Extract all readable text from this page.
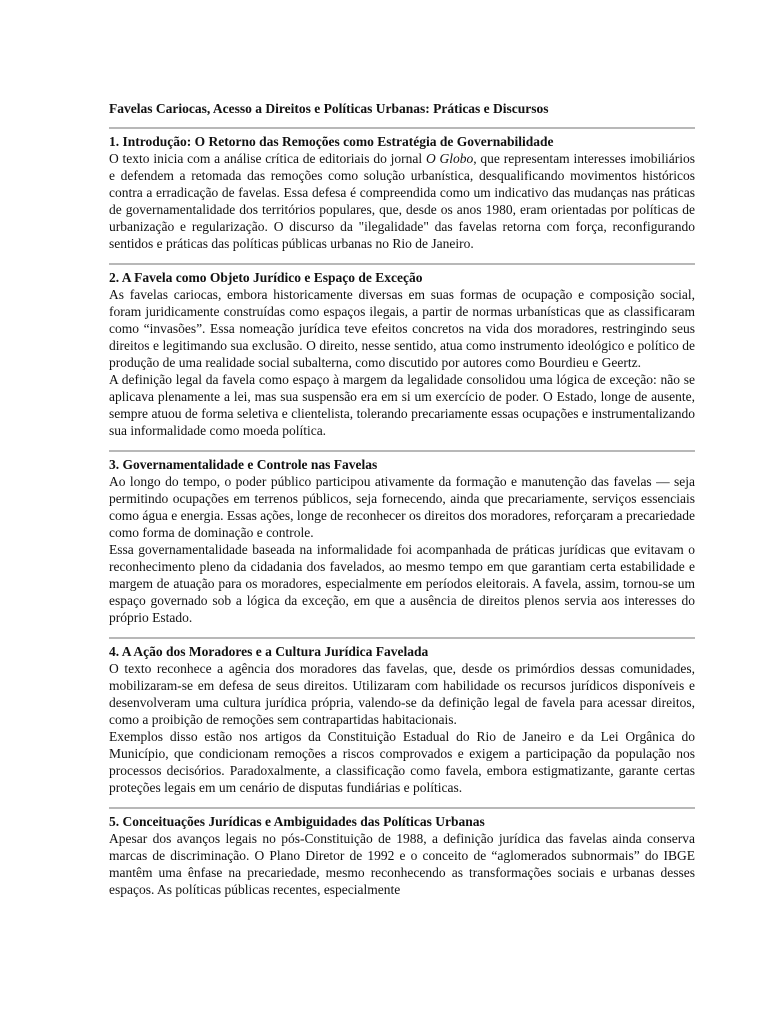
Favelas Cariocas, Acesso a Direitos e Políticas Urbanas: Práticas e Discursos
1. Introdução: O Retorno das Remoções como Estratégia de Governabilidade

O texto inicia com a análise crítica de editoriais do jornal O Globo, que representam interesses imobiliários e defendem a retomada das remoções como solução urbanística, desqualificando movimentos históricos contra a erradicação de favelas. Essa defesa é compreendida como um indicativo das mudanças nas práticas de governamentalidade dos territórios populares, que, desde os anos 1980, eram orientadas por políticas de urbanização e regularização. O discurso da "ilegalidade" das favelas retorna com força, reconfigurando sentidos e práticas das políticas públicas urbanas no Rio de Janeiro.

2. A Favela como Objeto Jurídico e Espaço de Exceção

As favelas cariocas, embora historicamente diversas em suas formas de ocupação e composição social, foram juridicamente construídas como espaços ilegais, a partir de normas urbanísticas que as classificaram como “invasões”. Essa nomeação jurídica teve efeitos concretos na vida dos moradores, restringindo seus direitos e legitimando sua exclusão. O direito, nesse sentido, atua como instrumento ideológico e político de produção de uma realidade social subalterna, como discutido por autores como Bourdieu e Geertz.

A definição legal da favela como espaço à margem da legalidade consolidou uma lógica de exceção: não se aplicava plenamente a lei, mas sua suspensão era em si um exercício de poder. O Estado, longe de ausente, sempre atuou de forma seletiva e clientelista, tolerando precariamente essas ocupações e instrumentalizando sua informalidade como moeda política.

3. Governamentalidade e Controle nas Favelas

Ao longo do tempo, o poder público participou ativamente da formação e manutenção das favelas — seja permitindo ocupações em terrenos públicos, seja fornecendo, ainda que precariamente, serviços essenciais como água e energia. Essas ações, longe de reconhecer os direitos dos moradores, reforçaram a precariedade como forma de dominação e controle.

Essa governamentalidade baseada na informalidade foi acompanhada de práticas jurídicas que evitavam o reconhecimento pleno da cidadania dos favelados, ao mesmo tempo em que garantiam certa estabilidade e margem de atuação para os moradores, especialmente em períodos eleitorais. A favela, assim, tornou-se um espaço governado sob a lógica da exceção, em que a ausência de direitos plenos servia aos interesses do próprio Estado.

4. A Ação dos Moradores e a Cultura Jurídica Favelada

O texto reconhece a agência dos moradores das favelas, que, desde os primórdios dessas comunidades, mobilizaram-se em defesa de seus direitos. Utilizaram com habilidade os recursos jurídicos disponíveis e desenvolveram uma cultura jurídica própria, valendo-se da definição legal de favela para acessar direitos, como a proibição de remoções sem contrapartidas habitacionais.

Exemplos disso estão nos artigos da Constituição Estadual do Rio de Janeiro e da Lei Orgânica do Município, que condicionam remoções a riscos comprovados e exigem a participação da população nos processos decisórios. Paradoxalmente, a classificação como favela, embora estigmatizante, garante certas proteções legais em um cenário de disputas fundiárias e políticas.

5. Conceituações Jurídicas e Ambiguidades das Políticas Urbanas

Apesar dos avanços legais no pós-Constituição de 1988, a definição jurídica das favelas ainda conserva marcas de discriminação. O Plano Diretor de 1992 e o conceito de “aglomerados subnormais” do IBGE mantêm uma ênfase na precariedade, mesmo reconhecendo as transformações sociais e urbanas desses espaços. As políticas públicas recentes, especialmente
